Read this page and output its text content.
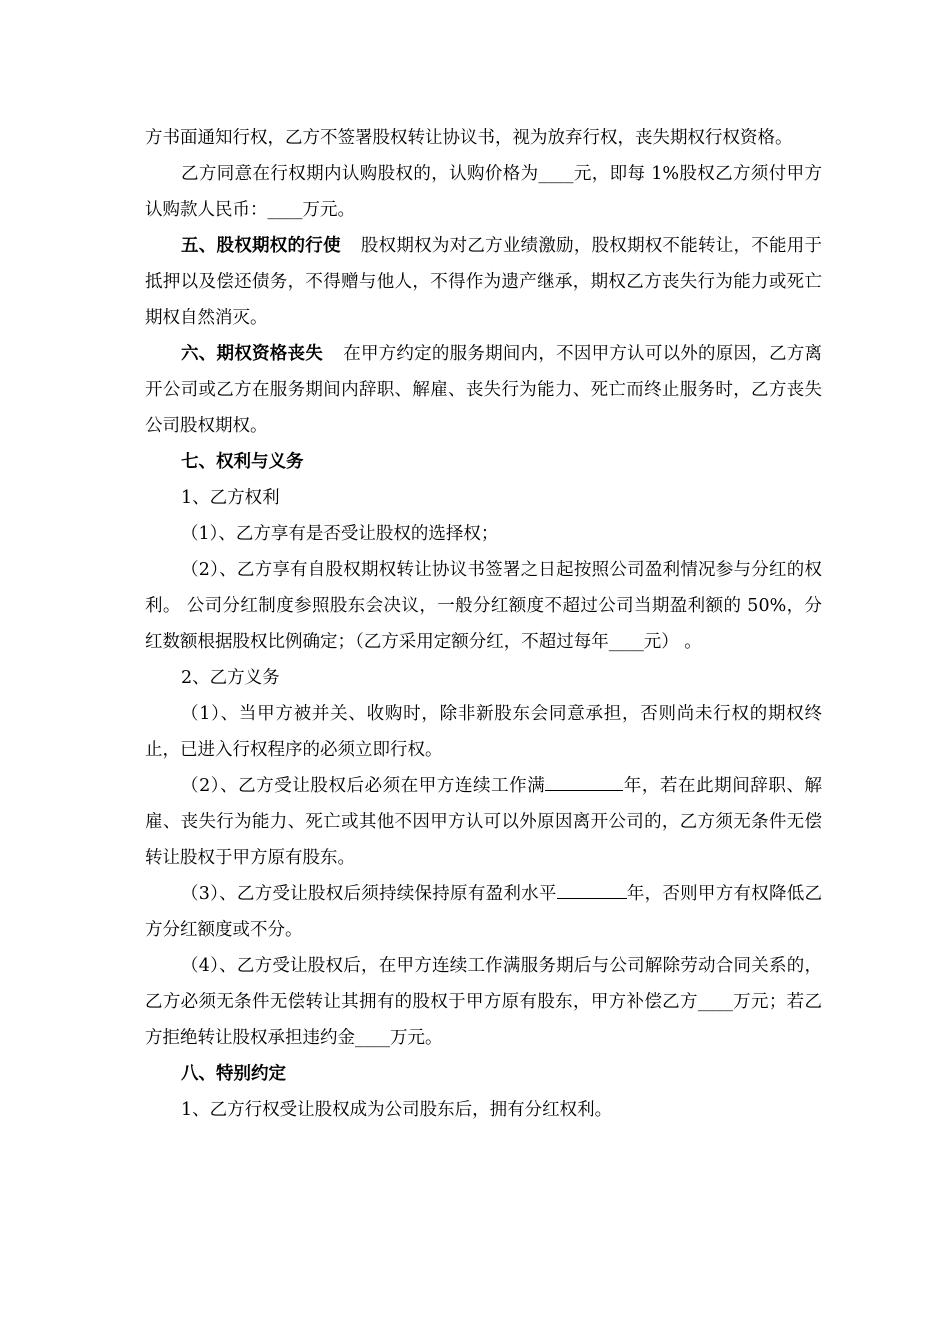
方书面通知行权，乙方不签署股权转让协议书，视为放弃行权，丧失期权行权资格。

乙方同意在行权期内认购股权的，认购价格为____元，即每 1%股权乙方须付甲方认购款人民币：____万元。

五、股权期权的行使 股权期权为对乙方业绩激励，股权期权不能转让，不能用于抵押以及偿还债务，不得赠与他人，不得作为遗产继承，期权乙方丧失行为能力或死亡期权自然消灭。

六、期权资格丧失 在甲方约定的服务期间内，不因甲方认可以外的原因，乙方离开公司或乙方在服务期间内辞职、解雇、丧失行为能力、死亡而终止服务时，乙方丧失公司股权期权。

七、权利与义务

1、乙方权利

（1）、乙方享有是否受让股权的选择权；

（2）、乙方享有自股权期权转让协议书签署之日起按照公司盈利情况参与分红的权利。 公司分红制度参照股东会决议，一般分红额度不超过公司当期盈利额的 50%，分红数额根据股权比例确定；（乙方采用定额分红，不超过每年____元） 。

2、乙方义务

（1）、当甲方被并关、收购时，除非新股东会同意承担，否则尚未行权的期权终止，已进入行权程序的必须立即行权。

（2）、乙方受让股权后必须在甲方连续工作满	年，若在此期间辞职、解雇、丧失行为能力、死亡或其他不因甲方认可以外原因离开公司的，乙方须无条件无偿转让股权于甲方原有股东。

（3）、乙方受让股权后须持续保持原有盈利水平	年，否则甲方有权降低乙方分红额度或不分。

（4）、乙方受让股权后，在甲方连续工作满服务期后与公司解除劳动合同关系的，乙方必须无条件无偿转让其拥有的股权于甲方原有股东，甲方补偿乙方____万元；若乙方拒绝转让股权承担违约金____万元。

八、特别约定

1、乙方行权受让股权成为公司股东后，拥有分红权利。
